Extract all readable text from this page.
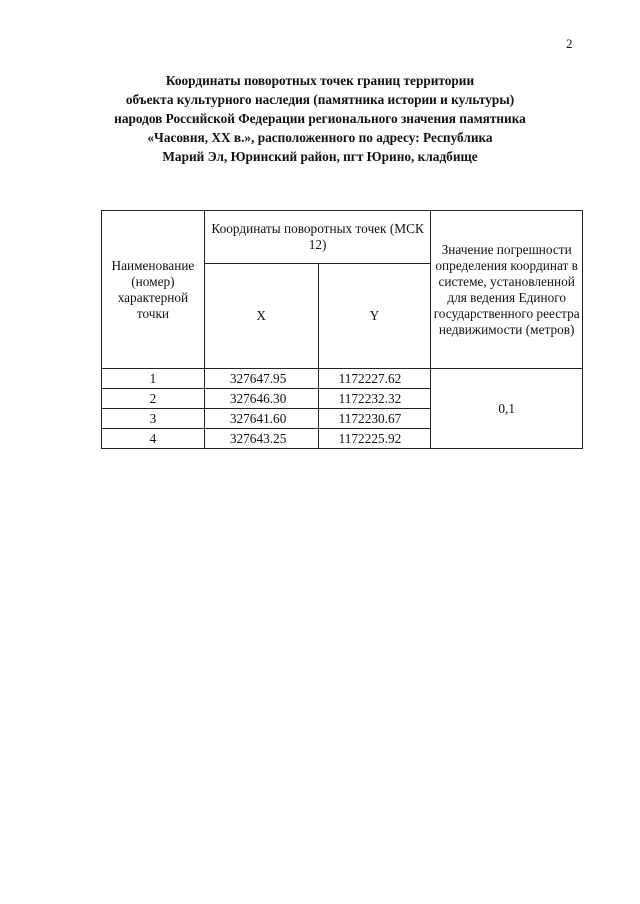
2
Координаты поворотных точек границ территории
объекта культурного наследия (памятника истории и культуры)
народов Российской Федерации регионального значения памятника
«Часовня, ХХ в.», расположенного по адресу: Республика
Марий Эл, Юринский район, пгт Юрино, кладбище
Наименование (номер) характерной точки	Координаты поворотных точек (МСК 12)		Значение погрешности определения координат в системе, установленной для ведения Единого государственного реестра недвижимости (метров)
	X	Y	
1	327647.95	1172227.62	0,1
2	327646.30	1172232.32	
3	327641.60	1172230.67	
4	327643.25	1172225.92	
